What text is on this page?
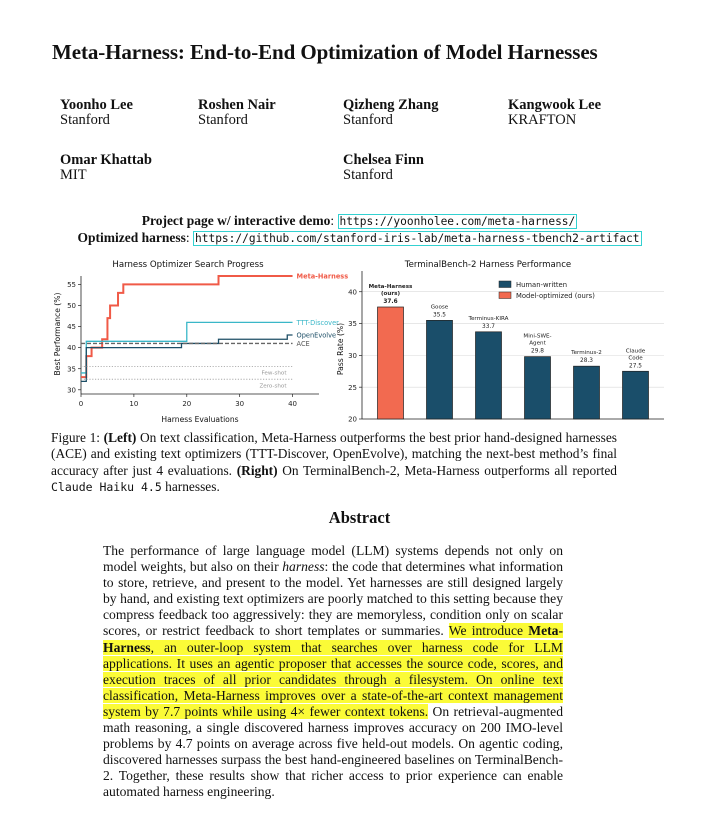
Meta-Harness: End-to-End Optimization of Model Harnesses
Yoonho Lee
Stanford
Roshen Nair
Stanford
Qizheng Zhang
Stanford
Kangwook Lee
KRAFTON
Omar Khattab
MIT
Chelsea Finn
Stanford
Project page w/ interactive demo: https://yoonholee.com/meta-harness/
Optimized harness: https://github.com/stanford-iris-lab/meta-harness-tbench2-artifact
Harness Optimizer Search Progress
Best Performance (%)
Harness Evaluations
30
35
40
45
50
55
0	10	20	30	40
Meta-Harness
TTT-Discover
OpenEvolve
ACE
Few-shot
Zero-shot
TerminalBench-2 Harness Performance
Pass Rate (%)
20
25
30
35
40
37.6
Meta-Harness
(ours)
35.5
Goose
33.7
Terminus-KIRA
29.8
Mini-SWE-
Agent
28.3
Terminus-2
27.5
Claude
Code
Human-written
Model-optimized (ours)
Figure 1: (Left) On text classification, Meta-Harness outperforms the best prior hand-designed harnesses (ACE) and existing text optimizers (TTT-Discover, OpenEvolve), matching the next-best method’s final accuracy after just 4 evaluations. (Right) On TerminalBench-2, Meta-Harness outperforms all reported Claude Haiku 4.5 harnesses.
Abstract
The performance of large language model (LLM) systems depends not only on model weights, but also on their harness: the code that determines what information to store, retrieve, and present to the model. Yet harnesses are still designed largely by hand, and existing text optimizers are poorly matched to this setting because they compress feedback too aggressively: they are memoryless, condition only on scalar scores, or restrict feedback to short templates or summaries. We introduce Meta-Harness, an outer-loop system that searches over harness code for LLM applications. It uses an agentic proposer that accesses the source code, scores, and execution traces of all prior candidates through a filesystem. On online text classification, Meta-Harness improves over a state-of-the-art context management system by 7.7 points while using 4× fewer context tokens. On retrieval-augmented math reasoning, a single discovered harness improves accuracy on 200 IMO-level problems by 4.7 points on average across five held-out models. On agentic coding, discovered harnesses surpass the best hand-engineered baselines on TerminalBench-2. Together, these results show that richer access to prior experience can enable automated harness engineering.
